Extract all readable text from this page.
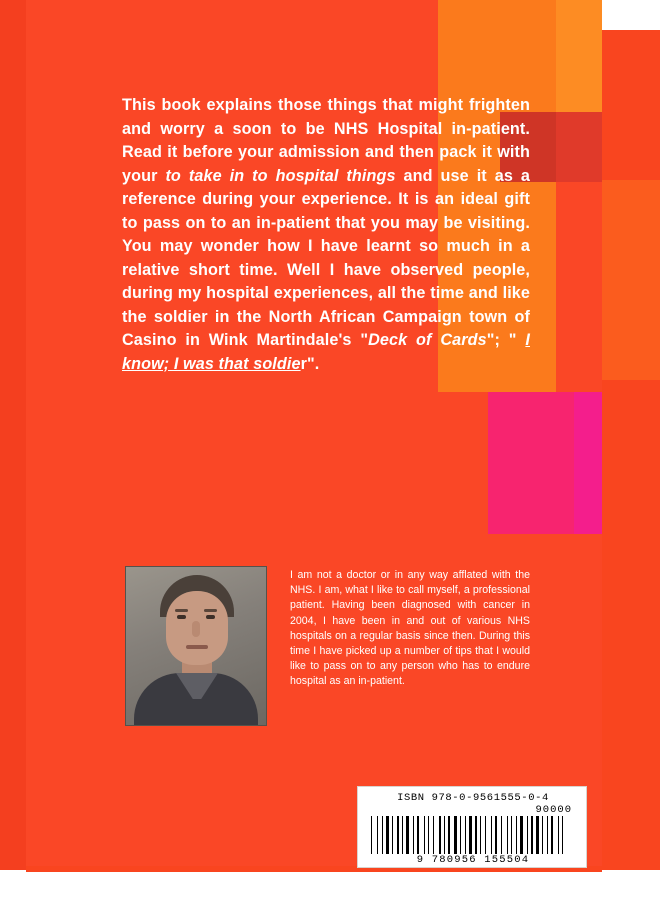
This book explains those things that might frighten and worry a soon to be NHS Hospital in-patient. Read it before your admission and then pack it with your to take in to hospital things and use it as a reference during your experience. It is an ideal gift to pass on to an in-patient that you may be visiting. You may wonder how I have learnt so much in a relative short time. Well I have observed people, during my hospital experiences, all the time and like the soldier in the North African Campaign town of Casino in Wink Martindale's "Deck of Cards"; " I know; I was that soldier".
I am not a doctor or in any way afflated with the NHS. I am, what I like to call myself, a professional patient. Having been diagnosed with cancer in 2004, I have been in and out of various NHS hospitals on a regular basis since then. During this time I have picked up a number of tips that I would like to pass on to any person who has to endure hospital as an in-patient.
ISBN 978-0-9561555-0-4
90000
9 780956 155504
